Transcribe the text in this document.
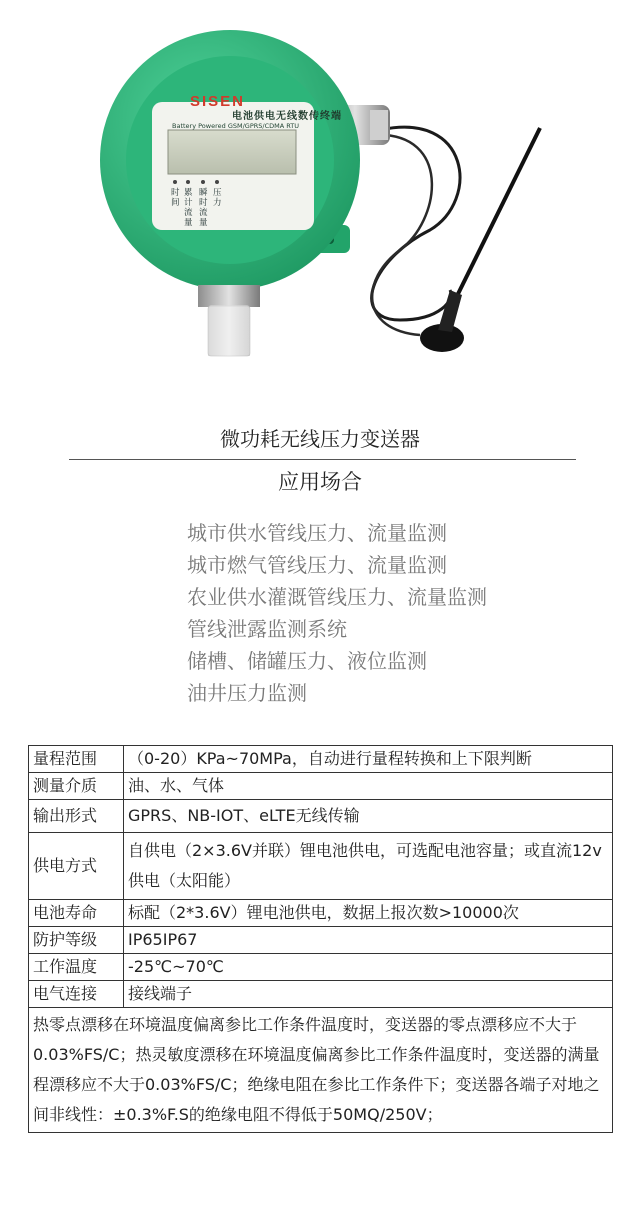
SISEN
电池供电无线数传终端
Battery Powered GSM/GPRS/CDMA RTU
时间
累计流量
瞬时流量
压力
微功耗无线压力变送器
应用场合
城市供水管线压力、流量监测
城市燃气管线压力、流量监测
农业供水灌溉管线压力、流量监测
管线泄露监测系统
储槽、储罐压力、液位监测
油井压力监测
量程范围	（0-20）KPa~70MPa，自动进行量程转换和上下限判断
测量介质	油、水、气体
输出形式	GPRS、NB-IOT、eLTE无线传输
供电方式	自供电（2×3.6V并联）锂电池供电，可选配电池容量；或直流12v供电（太阳能）
电池寿命	标配（2*3.6V）锂电池供电，数据上报次数>10000次
防护等级	IP65IP67
工作温度	-25℃~70℃
电气连接	接线端子
热零点漂移在环境温度偏离参比工作条件温度时，变送器的零点漂移应不大于0.03%FS/C；热灵敏度漂移在环境温度偏离参比工作条件温度时，变送器的满量程漂移应不大于0.03%FS/C；绝缘电阻在参比工作条件下；变送器各端子对地之间非线性：±0.3%F.S的绝缘电阻不得低于50MQ/250V；	
